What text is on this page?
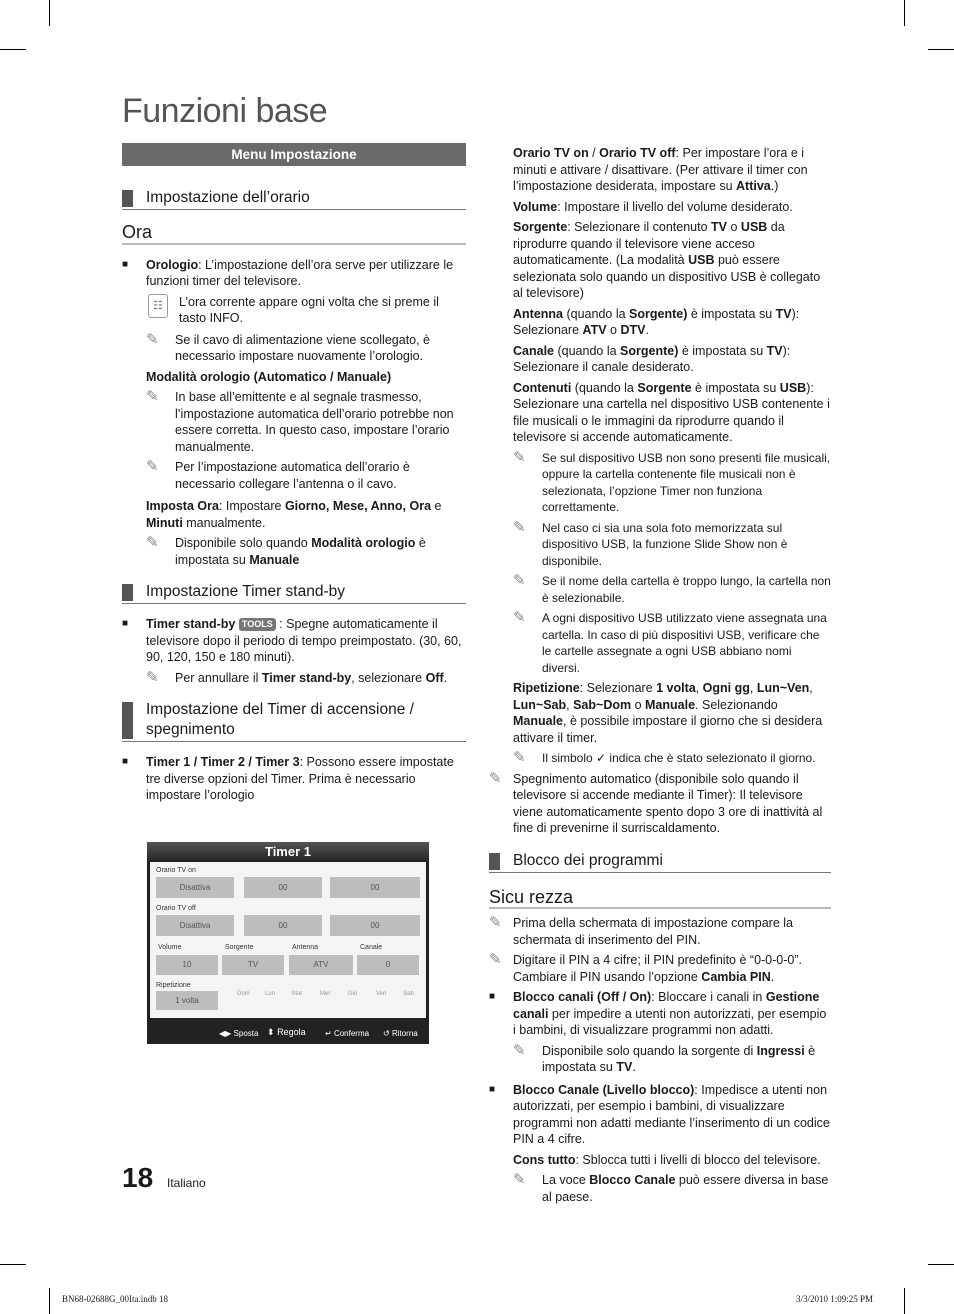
Funzioni base
Menu Impostazione
Impostazione dell’orario
Ora

■ Orologio: L’impostazione dell’ora serve per utilizzare le funzioni timer del televisore.

☷	L’ora corrente appare ogni volta che si preme il tasto INFO.

✎ Se il cavo di alimentazione viene scollegato, è necessario impostare nuovamente l’orologio.

Modalità orologio (Automatico / Manuale)

✎ In base all’emittente e al segnale trasmesso, l’impostazione automatica dell’orario potrebbe non essere corretta. In questo caso, impostare l’orario manualmente.

✎ Per l’impostazione automatica dell’orario è necessario collegare l’antenna o il cavo.

Imposta Ora: Impostare Giorno, Mese, Anno, Ora e Minuti manualmente.

✎ Disponibile solo quando Modalità orologio è impostata su Manuale

Impostazione Timer stand-by

■ Timer stand-by TOOLS : Spegne automaticamente il televisore dopo il periodo di tempo preimpostato. (30, 60, 90, 120, 150 e 180 minuti).

✎ Per annullare il Timer stand-by, selezionare Off.

Impostazione del Timer di accensione / spegnimento

■ Timer 1 / Timer 2 / Timer 3: Possono essere impostate tre diverse opzioni del Timer. Prima è necessario impostare l’orologio

Timer 1
Orario TV on
Disattiva	00	00
Orario TV off
Disattiva	00	00
Volume	Sorgente	Antenna	Canale
10	TV	ATV	0
Ripetizione
1 volta
Dom	Lun	Mar	Mer	Gio	Ven	Sab
◀▶ Sposta ⬍ Regola ↵ Conferma ↺ Ritorna

Orario TV on / Orario TV off: Per impostare l’ora e i minuti e attivare / disattivare. (Per attivare il timer con l’impostazione desiderata, impostare su Attiva.)

Volume: Impostare il livello del volume desiderato.

Sorgente: Selezionare il contenuto TV o USB da riprodurre quando il televisore viene acceso automaticamente. (La modalità USB può essere selezionata solo quando un dispositivo USB è collegato al televisore)

Antenna (quando la Sorgente) è impostata su TV): Selezionare ATV o DTV.

Canale (quando la Sorgente) è impostata su TV): Selezionare il canale desiderato.

Contenuti (quando la Sorgente è impostata su USB): Selezionare una cartella nel dispositivo USB contenente i file musicali o le immagini da riprodurre quando il televisore si accende automaticamente.

✎ Se sul dispositivo USB non sono presenti file musicali, oppure la cartella contenente file musicali non è selezionata, l’opzione Timer non funziona correttamente.

✎ Nel caso ci sia una sola foto memorizzata sul dispositivo USB, la funzione Slide Show non è disponibile.

✎ Se il nome della cartella è troppo lungo, la cartella non è selezionabile.

✎ A ogni dispositivo USB utilizzato viene assegnata una cartella. In caso di più dispositivi USB, verificare che le cartelle assegnate a ogni USB abbiano nomi diversi.

Ripetizione: Selezionare 1 volta, Ogni gg, Lun~Ven, Lun~Sab, Sab~Dom o Manuale. Selezionando Manuale, è possibile impostare il giorno che si desidera attivare il timer.

✎ Il simbolo ✓ indica che è stato selezionato il giorno.

✎ Spegnimento automatico (disponibile solo quando il televisore si accende mediante il Timer): Il televisore viene automaticamente spento dopo 3 ore di inattività al fine di prevenirne il surriscaldamento.

Blocco dei programmi
Sicu rezza

✎ Prima della schermata di impostazione compare la schermata di inserimento del PIN.

✎ Digitare il PIN a 4 cifre; il PIN predefinito è “0-0-0-0”. Cambiare il PIN usando l’opzione Cambia PIN.

■ Blocco canali (Off / On): Bloccare i canali in Gestione canali per impedire a utenti non autorizzati, per esempio i bambini, di visualizzare programmi non adatti.

✎ Disponibile solo quando la sorgente di Ingressi è impostata su TV.

■ Blocco Canale (Livello blocco): Impedisce a utenti non autorizzati, per esempio i bambini, di visualizzare programmi non adatti mediante l’inserimento di un codice PIN a 4 cifre.

Cons tutto: Sblocca tutti i livelli di blocco del televisore.

✎ La voce Blocco Canale può essere diversa in base al paese.

18 Italiano
BN68-02688G_00Ita.indb 18	3/3/2010 1:09:25 PM
